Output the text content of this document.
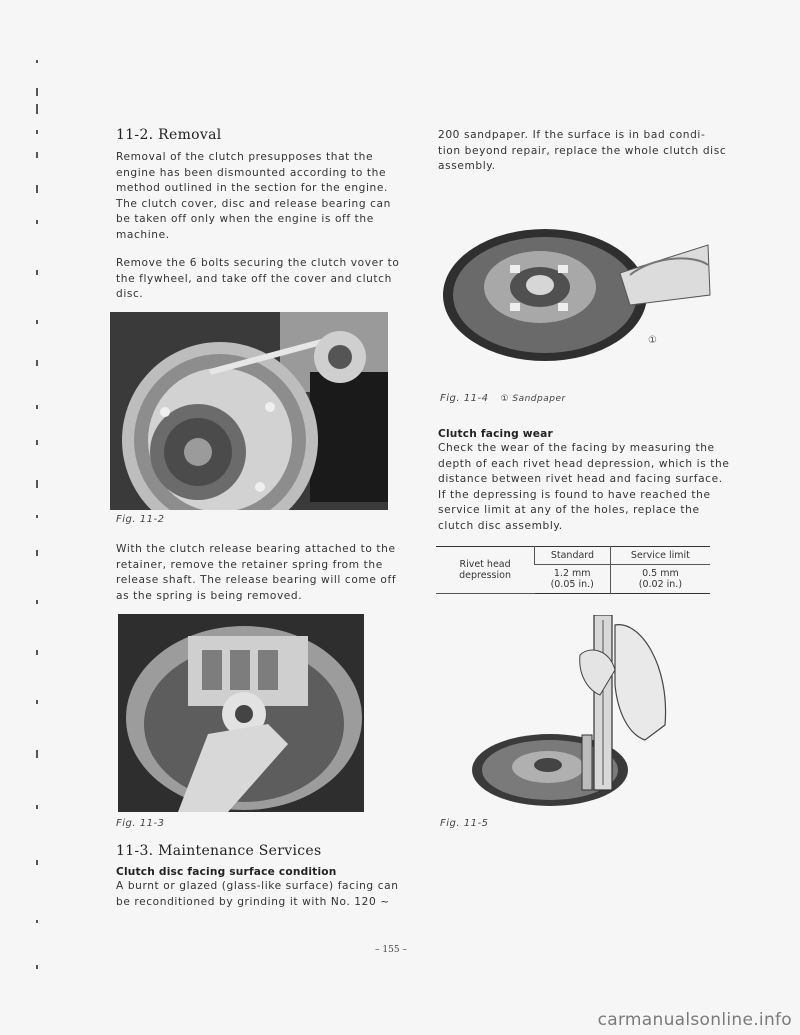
11-2. Removal

Removal of the clutch presupposes that the
engine has been dismounted according to the
method outlined in the section for the engine.
The clutch cover, disc and release bearing can
be taken off only when the engine is off the
machine.

Remove the 6 bolts securing the clutch vover to
the flywheel, and take off the cover and clutch
disc.

Fig. 11-2

With the clutch release bearing attached to the
retainer, remove the retainer spring from the
release shaft. The release bearing will come off
as the spring is being removed.

Fig. 11-3
11-3. Maintenance Services
Clutch disc facing surface condition

A burnt or glazed (glass-like surface) facing can
be reconditioned by grinding it with No. 120 ~

200 sandpaper. If the surface is in bad condi-
tion beyond repair, replace the whole clutch disc
assembly.

①
Fig. 11-4 ① Sandpaper
Clutch facing wear

Check the wear of the facing by measuring the
depth of each rivet head depression, which is the
distance between rivet head and facing surface.
If the depressing is found to have reached the
service limit at any of the holes, replace the
clutch disc assembly.

Rivet head
depression	Standard	Service limit
	1.2 mm
(0.05 in.)	0.5 mm
(0.02 in.)
Fig. 11-5
– 155 –
carmanualsonline.info
